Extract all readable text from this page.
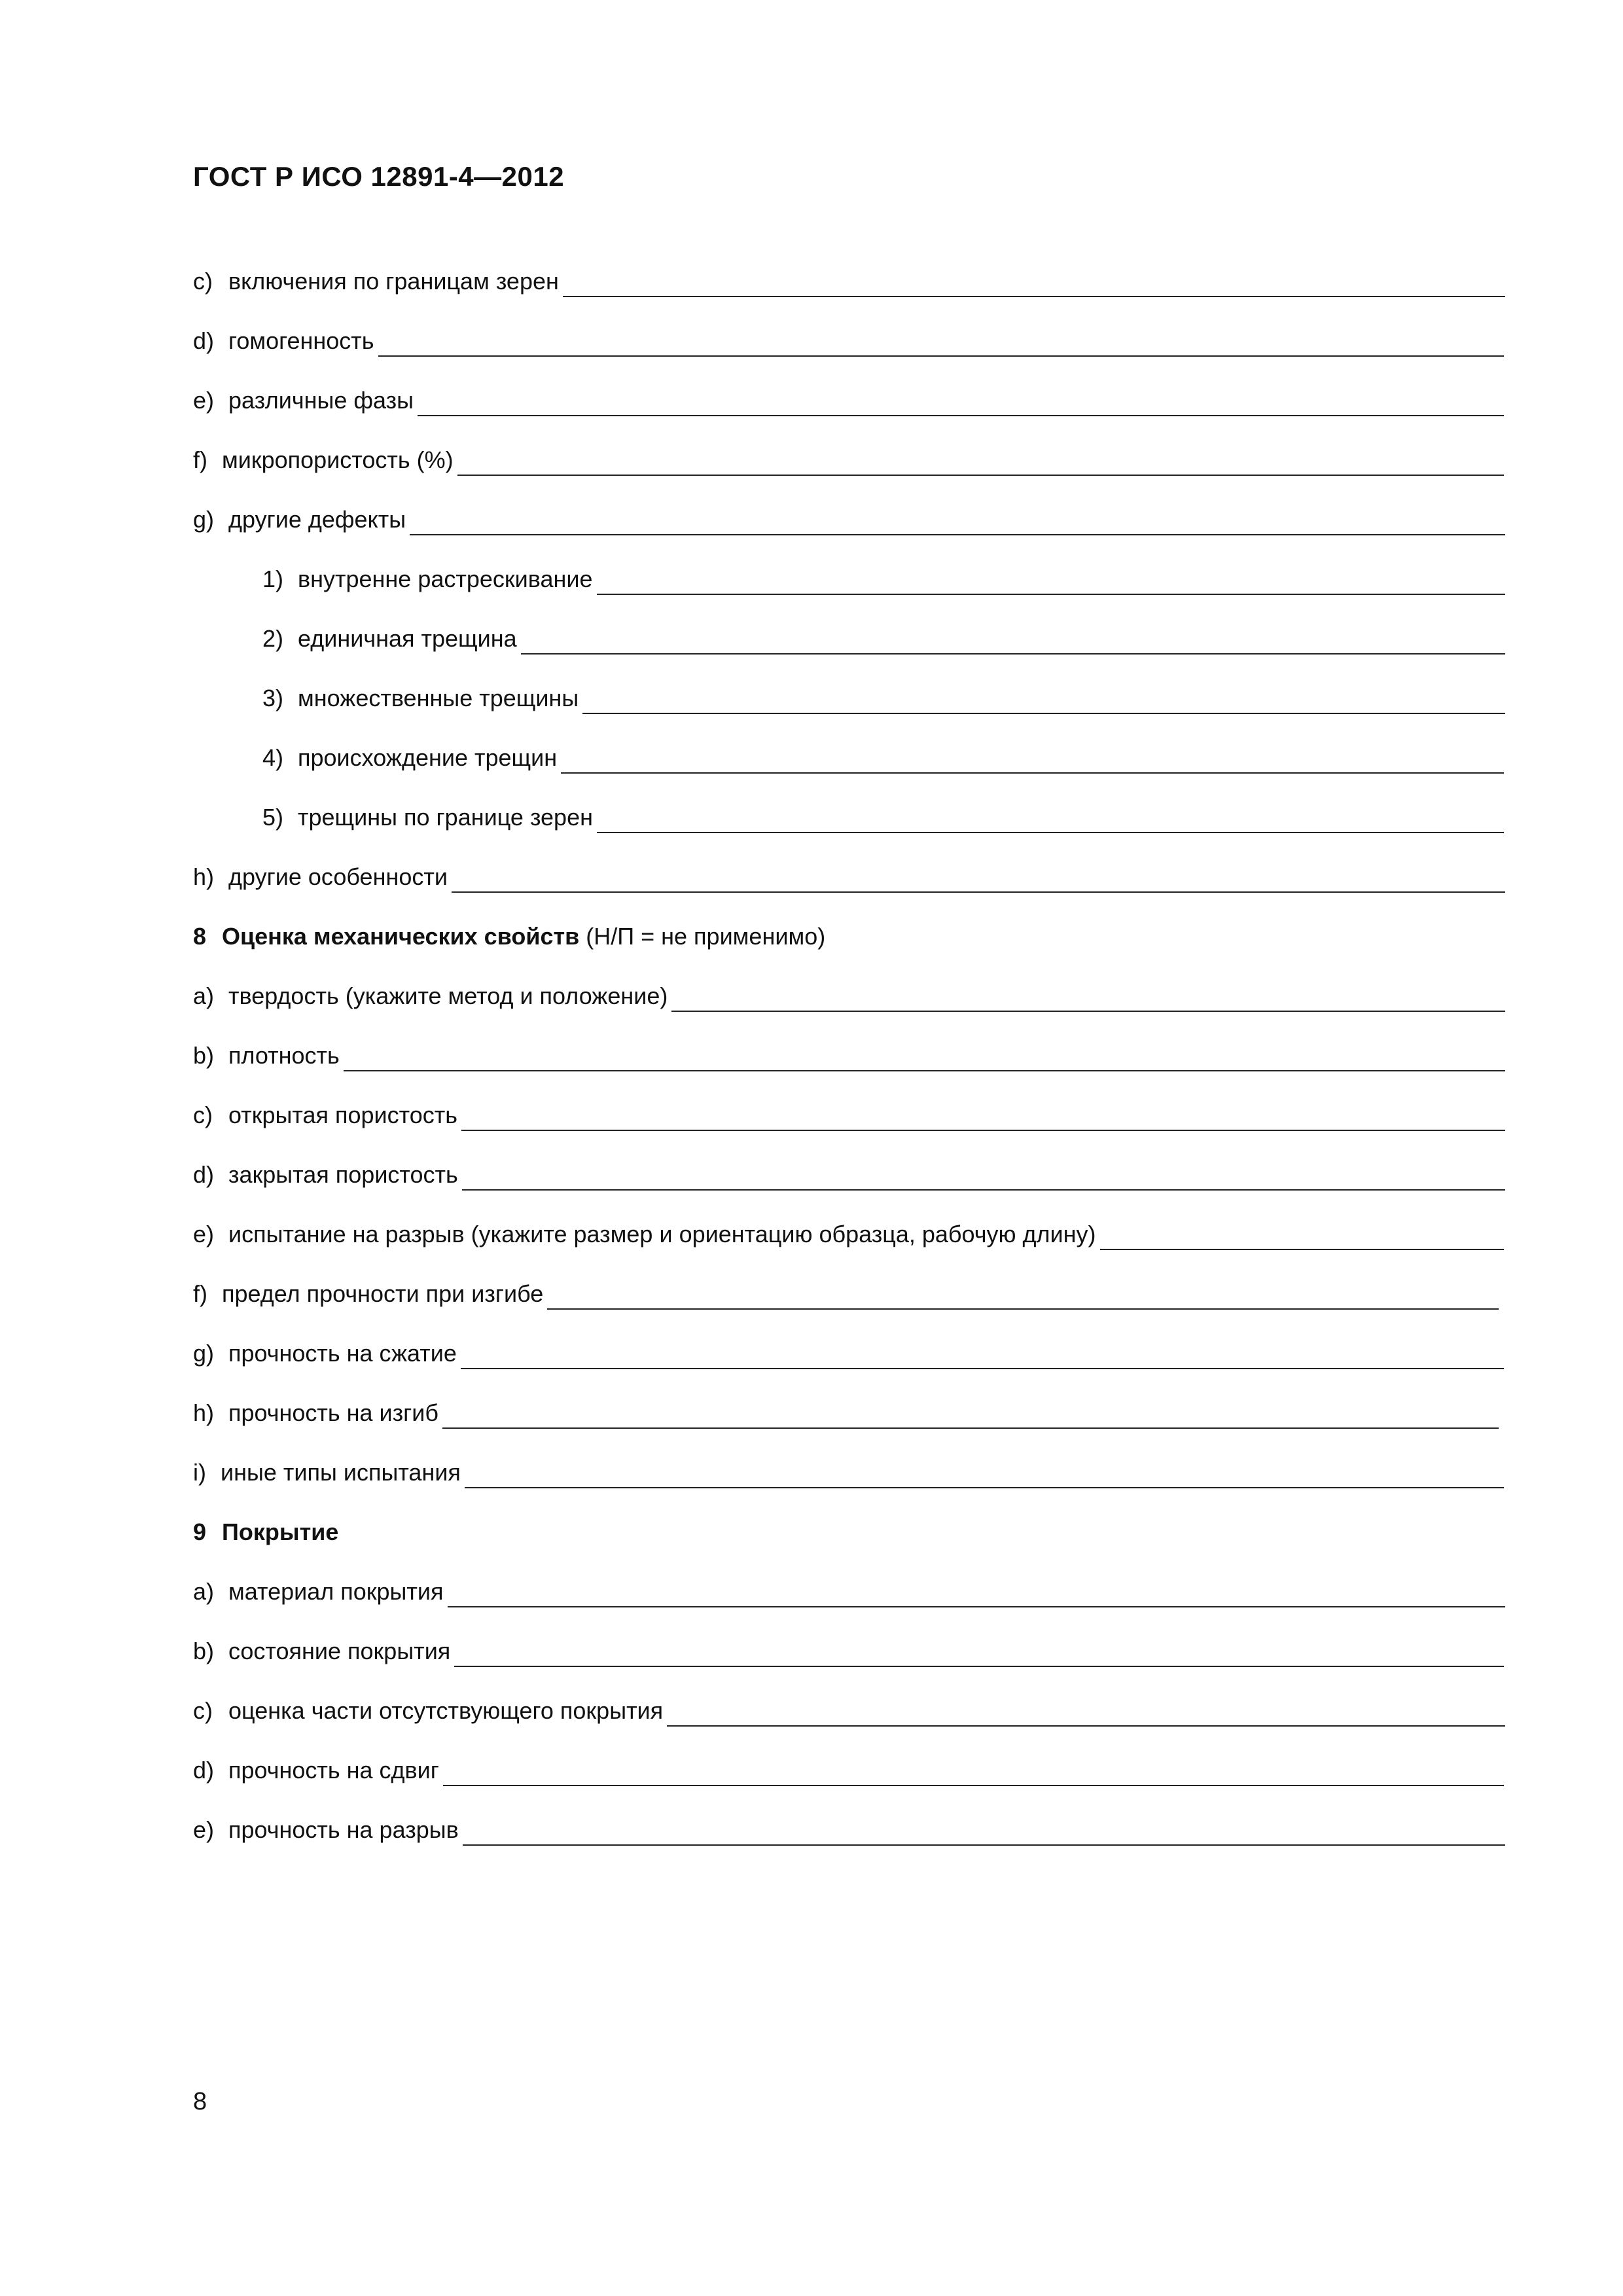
ГОСТ Р ИСО 12891-4—2012
c) включения по границам зерен
d) гомогенность
e) различные фазы
f) микропористость (%)
g) другие дефекты
1) внутренне растрескивание
2) единичная трещина
3) множественные трещины
4) происхождение трещин
5) трещины по границе зерен
h) другие особенности
8 Оценка механических свойств (Н/П = не применимо)
a) твердость (укажите метод и положение)
b) плотность
c) открытая пористость
d) закрытая пористость
e) испытание на разрыв (укажите размер и ориентацию образца, рабочую длину)
f) предел прочности при изгибе
g) прочность на сжатие
h) прочность на изгиб
i) иные типы испытания
9 Покрытие
a) материал покрытия
b) состояние покрытия
c) оценка части отсутствующего покрытия
d) прочность на сдвиг
e) прочность на разрыв
8
